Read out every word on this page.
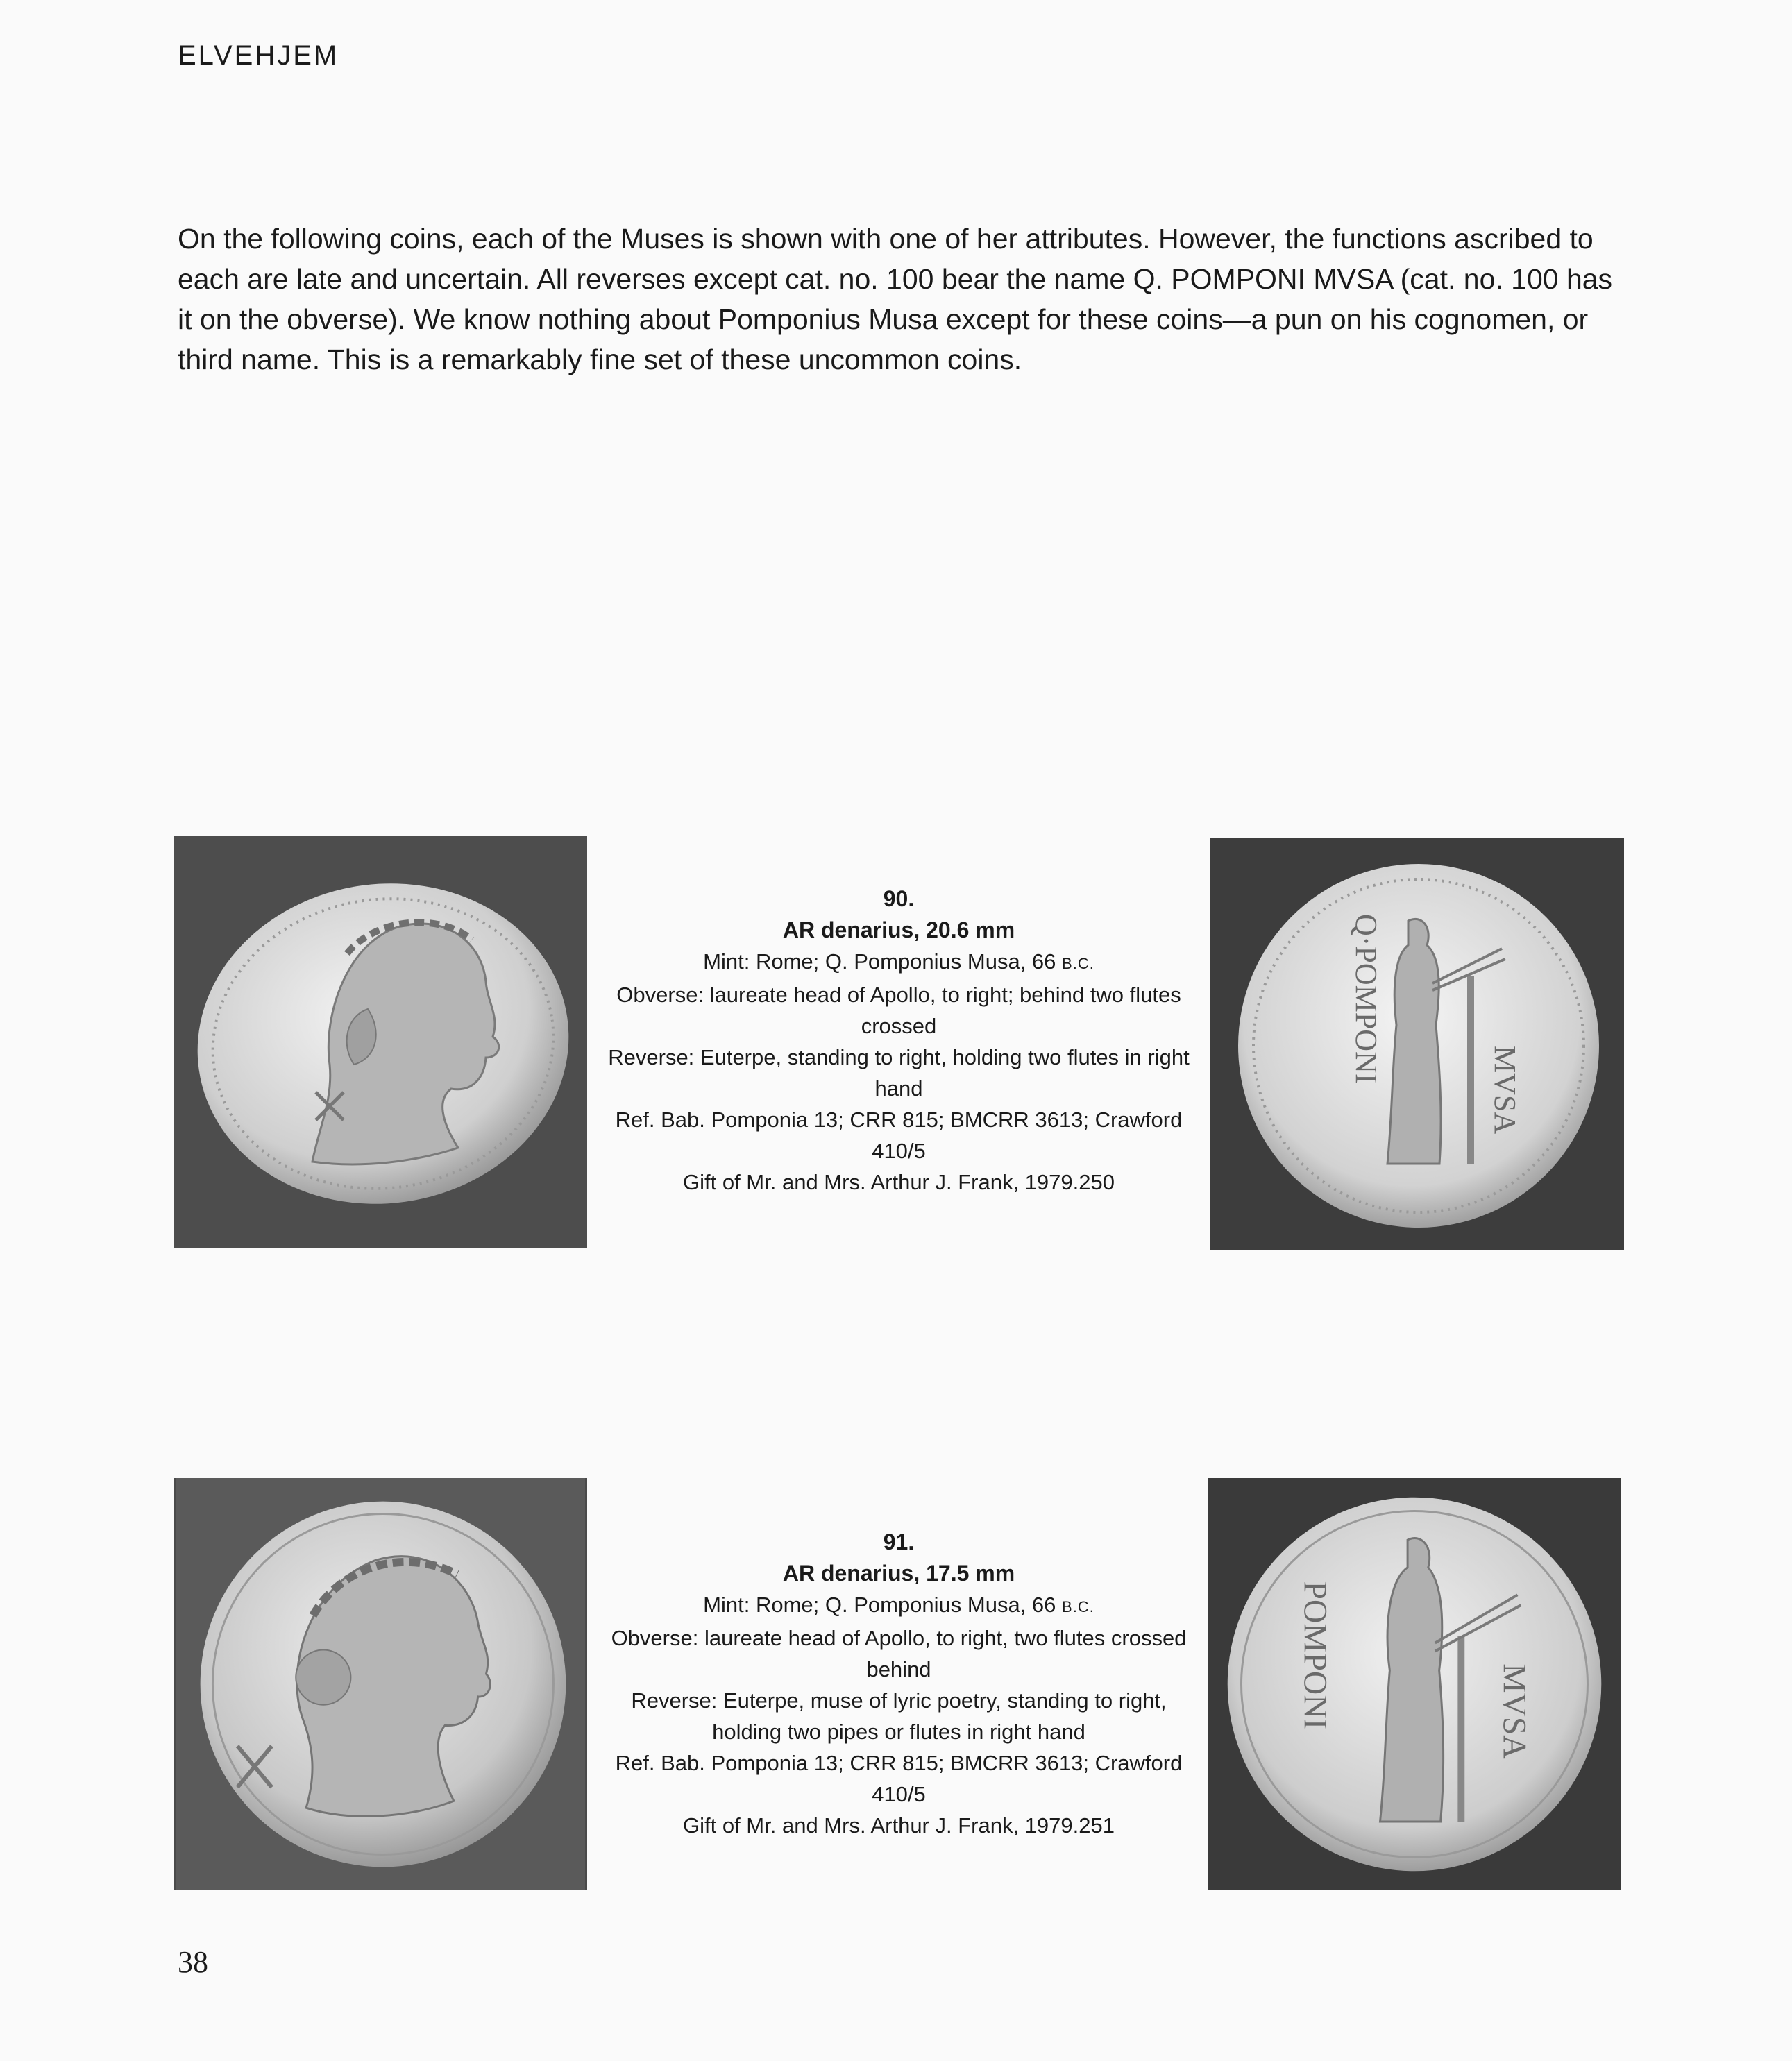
ELVEHJEM

On the following coins, each of the Muses is shown with one of her attributes. However, the functions ascribed to each are late and uncertain. All reverses except cat. no. 100 bear the name Q. POMPONI MVSA (cat. no. 100 has it on the obverse). We know nothing about Pomponius Musa except for these coins—a pun on his cognomen, or third name. This is a remarkably fine set of these uncommon coins.

90.
AR denarius, 20.6 mm
Mint: Rome; Q. Pomponius Musa, 66 B.C.
Obverse: laureate head of Apollo, to right; behind two flutes crossed
Reverse: Euterpe, standing to right, holding two flutes in right hand
Ref. Bab. Pomponia 13; CRR 815; BMCRR 3613; Crawford 410/5
Gift of Mr. and Mrs. Arthur J. Frank, 1979.250
Q·POMPONI
MVSA
91.
AR denarius, 17.5 mm
Mint: Rome; Q. Pomponius Musa, 66 B.C.
Obverse: laureate head of Apollo, to right, two flutes crossed behind
Reverse: Euterpe, muse of lyric poetry, standing to right, holding two pipes or flutes in right hand
Ref. Bab. Pomponia 13; CRR 815; BMCRR 3613; Crawford 410/5
Gift of Mr. and Mrs. Arthur J. Frank, 1979.251
POMPONI	MVSA
38
